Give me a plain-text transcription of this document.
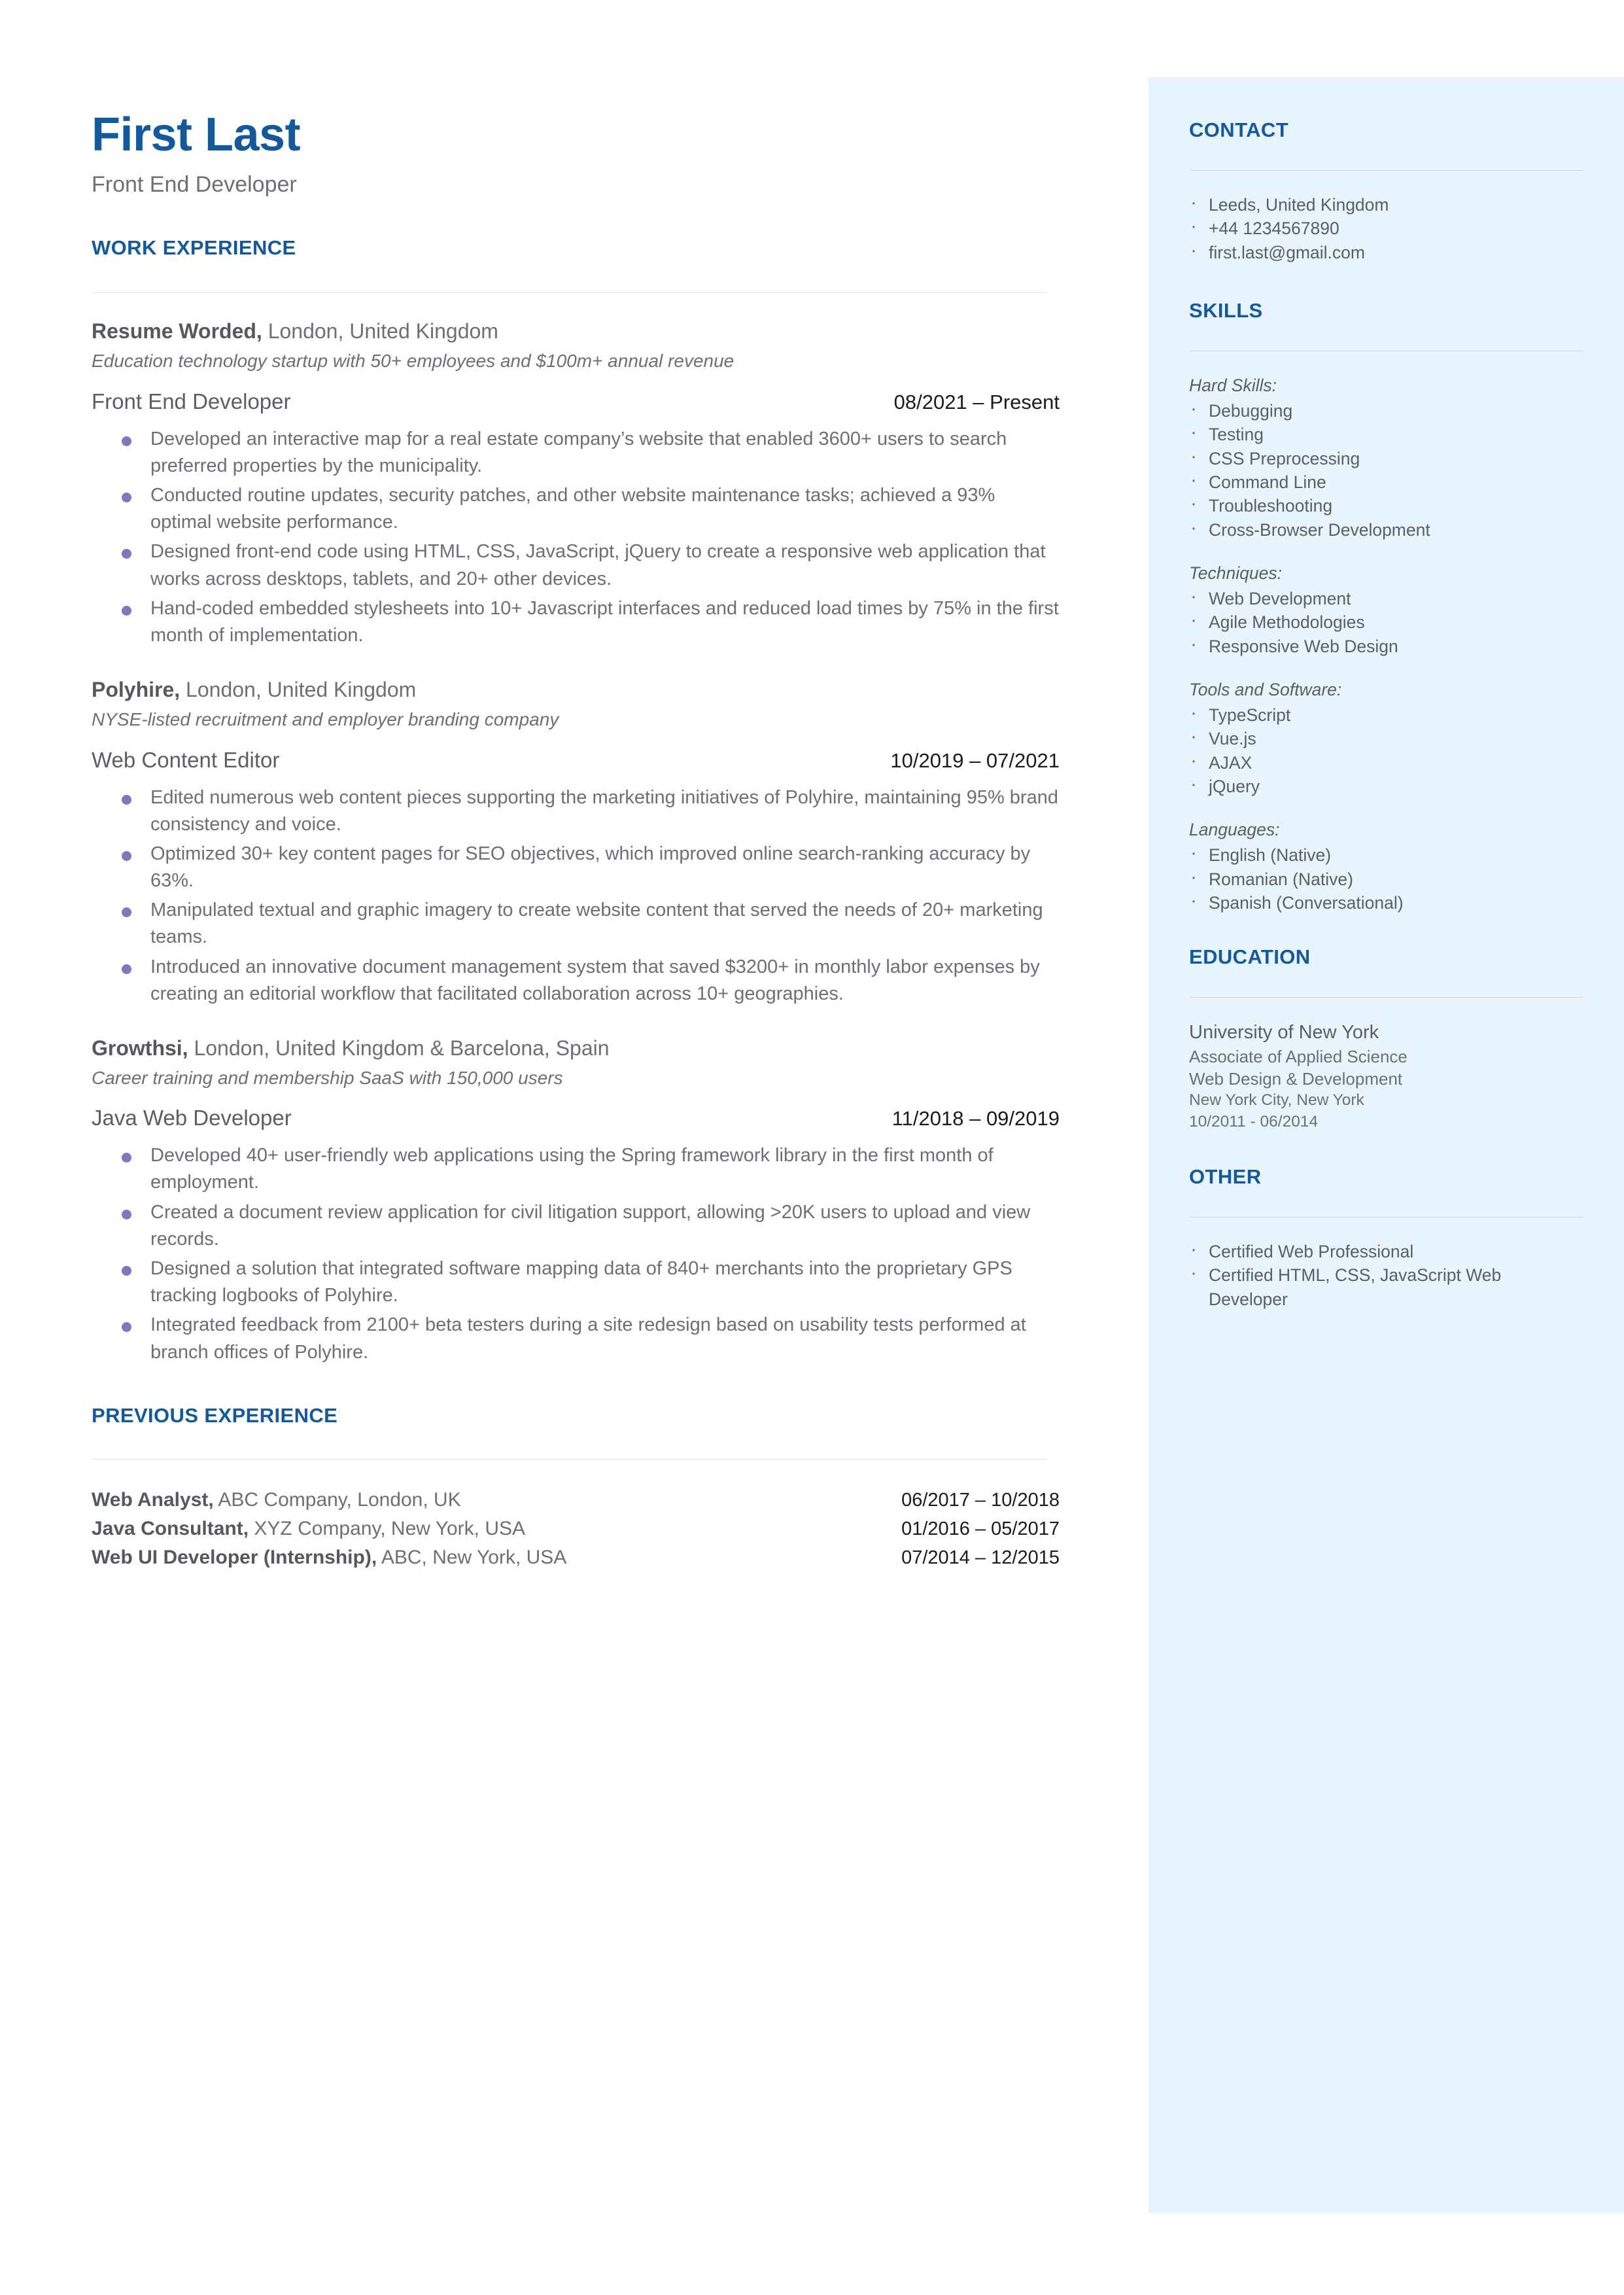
CONTACT
· Leeds, United Kingdom
· +44 1234567890
· first.last@gmail.com
SKILLS
Hard Skills:
· Debugging
· Testing
· CSS Preprocessing
· Command Line
· Troubleshooting
· Cross-Browser Development
Techniques:
· Web Development
· Agile Methodologies
· Responsive Web Design
Tools and Software:
· TypeScript
· Vue.js
· AJAX
· jQuery
Languages:
· English (Native)
· Romanian (Native)
· Spanish (Conversational)
EDUCATION
University of New York
Associate of Applied Science
Web Design & Development
New York City, New York
10/2011 - 06/2014
OTHER
· Certified Web Professional
· Certified HTML, CSS, JavaScript Web Developer
First Last
Front End Developer
WORK EXPERIENCE

Resume Worded, London, United Kingdom

Education technology startup with 50+ employees and $100m+ annual revenue

Front End Developer	08/2021 – Present
Developed an interactive map for a real estate company’s website that enabled 3600+ users to search preferred properties by the municipality.
Conducted routine updates, security patches, and other website maintenance tasks; achieved a 93% optimal website performance.
Designed front-end code using HTML, CSS, JavaScript, jQuery to create a responsive web application that works across desktops, tablets, and 20+ other devices.
Hand-coded embedded stylesheets into 10+ Javascript interfaces and reduced load times by 75% in the first month of implementation.

Polyhire, London, United Kingdom

NYSE-listed recruitment and employer branding company

Web Content Editor	10/2019 – 07/2021
Edited numerous web content pieces supporting the marketing initiatives of Polyhire, maintaining 95% brand consistency and voice.
Optimized 30+ key content pages for SEO objectives, which improved online search-ranking accuracy by 63%.
Manipulated textual and graphic imagery to create website content that served the needs of 20+ marketing teams.
Introduced an innovative document management system that saved $3200+ in monthly labor expenses by creating an editorial workflow that facilitated collaboration across 10+ geographies.

Growthsi, London, United Kingdom & Barcelona, Spain

Career training and membership SaaS with 150,000 users

Java Web Developer	11/2018 – 09/2019
Developed 40+ user-friendly web applications using the Spring framework library in the first month of employment.
Created a document review application for civil litigation support, allowing >20K users to upload and view records.
Designed a solution that integrated software mapping data of 840+ merchants into the proprietary GPS tracking logbooks of Polyhire.
Integrated feedback from 2100+ beta testers during a site redesign based on usability tests performed at branch offices of Polyhire.
PREVIOUS EXPERIENCE
Web Analyst, ABC Company, London, UK	06/2017 – 10/2018
Java Consultant, XYZ Company, New York, USA	01/2016 – 05/2017
Web UI Developer (Internship), ABC, New York, USA	07/2014 – 12/2015
